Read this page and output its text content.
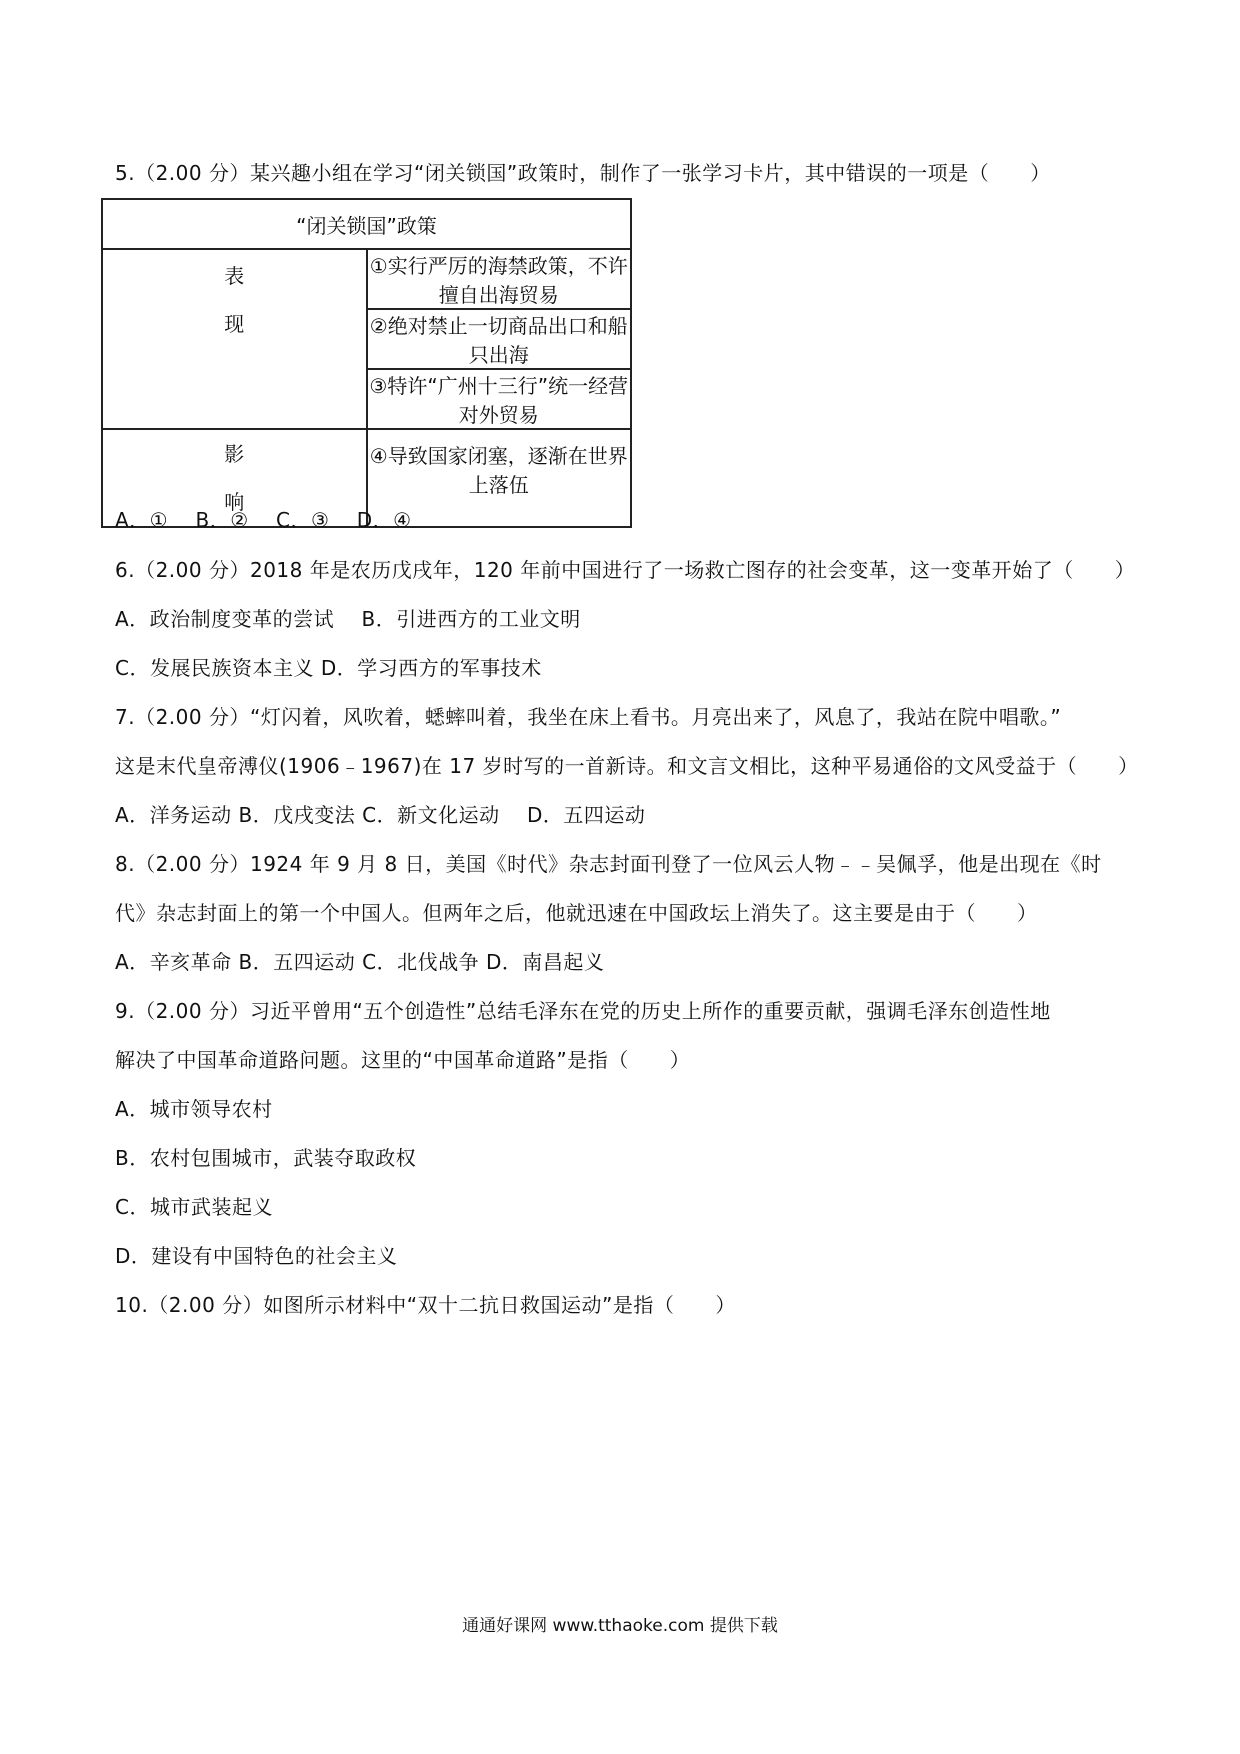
5.（2.00 分）某兴趣小组在学习“闭关锁国”政策时，制作了一张学习卡片，其中错误的一项是（　　）
“闭关锁国”政策	

表
现	①实行严厉的海禁政策，不许擅自出海贸易
	②绝对禁止一切商品出口和船只出海
	③特许“广州十三行”统一经营对外贸易

影
响	④导致国家闭塞，逐渐在世界上落伍
A．①　 B．②　 C．③　 D．④
6.（2.00 分）2018 年是农历戊戌年，120 年前中国进行了一场救亡图存的社会变革，这一变革开始了（　　）
A．政治制度变革的尝试　 B．引进西方的工业文明
C．发展民族资本主义 D．学习西方的军事技术
7.（2.00 分）“灯闪着，风吹着，蟋蟀叫着，我坐在床上看书。月亮出来了，风息了，我站在院中唱歌。”
这是末代皇帝溥仪(1906﹣1967)在 17 岁时写的一首新诗。和文言文相比，这种平易通俗的文风受益于（　　）
A．洋务运动 B．戊戌变法 C．新文化运动　 D．五四运动
8.（2.00 分）1924 年 9 月 8 日，美国《时代》杂志封面刊登了一位风云人物﹣﹣吴佩孚，他是出现在《时
代》杂志封面上的第一个中国人。但两年之后，他就迅速在中国政坛上消失了。这主要是由于（　　）
A．辛亥革命 B．五四运动 C．北伐战争 D．南昌起义
9.（2.00 分）习近平曾用“五个创造性”总结毛泽东在党的历史上所作的重要贡献，强调毛泽东创造性地
解决了中国革命道路问题。这里的“中国革命道路”是指（　　）
A．城市领导农村
B．农村包围城市，武装夺取政权
C．城市武装起义
D．建设有中国特色的社会主义
10.（2.00 分）如图所示材料中“双十二抗日救国运动”是指（　　）
通通好课网 www.tthaoke.com 提供下载
